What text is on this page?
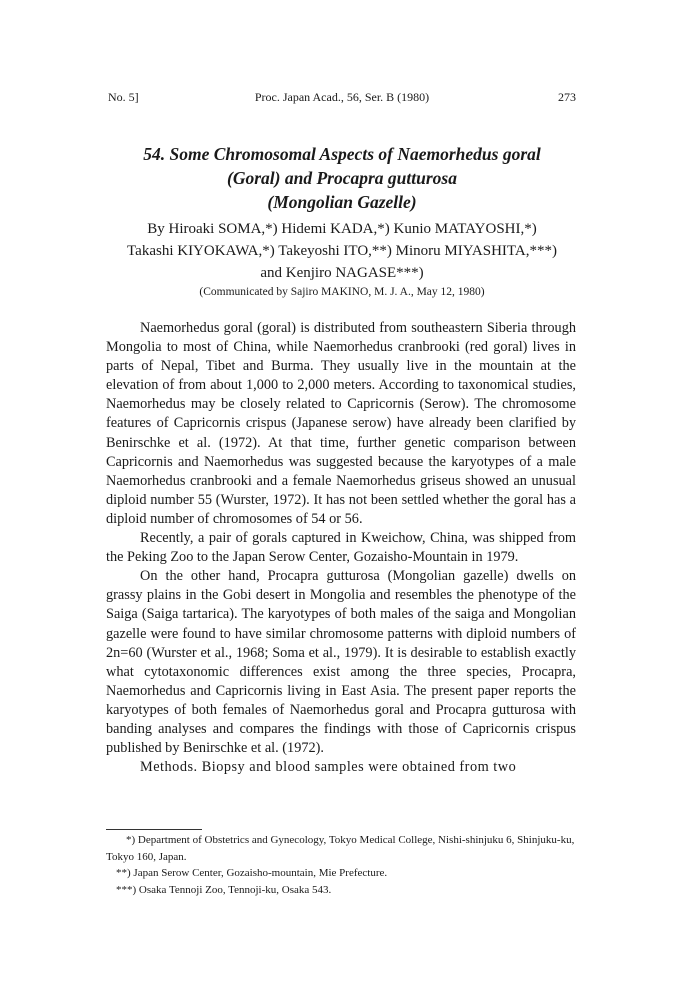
No. 5]	Proc. Japan Acad., 56, Ser. B (1980)	273
54. Some Chromosomal Aspects of Naemorhedus goral
(Goral) and Procapra gutturosa
(Mongolian Gazelle)
By Hiroaki SOMA,*) Hidemi KADA,*) Kunio MATAYOSHI,*)
Takashi KIYOKAWA,*) Takeyoshi ITO,**) Minoru MIYASHITA,***)
and Kenjiro NAGASE***)
(Communicated by Sajiro MAKINO, M. J. A., May 12, 1980)

Naemorhedus goral (goral) is distributed from southeastern Siberia through Mongolia to most of China, while Naemorhedus cranbrooki (red goral) lives in parts of Nepal, Tibet and Burma. They usually live in the mountain at the elevation of from about 1,000 to 2,000 meters. According to taxonomical studies, Naemorhedus may be closely related to Capricornis (Serow). The chromosome features of Capricornis crispus (Japanese serow) have already been clarified by Benirschke et al. (1972). At that time, further genetic comparison between Capricornis and Naemorhedus was suggested because the karyotypes of a male Naemorhedus cranbrooki and a female Naemorhedus griseus showed an unusual diploid number 55 (Wurster, 1972). It has not been settled whether the goral has a diploid number of chromosomes of 54 or 56.

Recently, a pair of gorals captured in Kweichow, China, was shipped from the Peking Zoo to the Japan Serow Center, Gozaisho-Mountain in 1979.

On the other hand, Procapra gutturosa (Mongolian gazelle) dwells on grassy plains in the Gobi desert in Mongolia and resembles the phenotype of the Saiga (Saiga tartarica). The karyotypes of both males of the saiga and Mongolian gazelle were found to have similar chromosome patterns with diploid numbers of 2n=60 (Wurster et al., 1968; Soma et al., 1979). It is desirable to establish exactly what cytotaxonomic differences exist among the three species, Procapra, Naemorhedus and Capricornis living in East Asia. The present paper reports the karyotypes of both females of Naemorhedus goral and Procapra gutturosa with banding analyses and compares the findings with those of Capricornis crispus published by Benirschke et al. (1972).

Methods. Biopsy and blood samples were obtained from two

*) Department of Obstetrics and Gynecology, Tokyo Medical College, Nishi-shinjuku 6, Shinjuku-ku, Tokyo 160, Japan.

**) Japan Serow Center, Gozaisho-mountain, Mie Prefecture.

***) Osaka Tennoji Zoo, Tennoji-ku, Osaka 543.
